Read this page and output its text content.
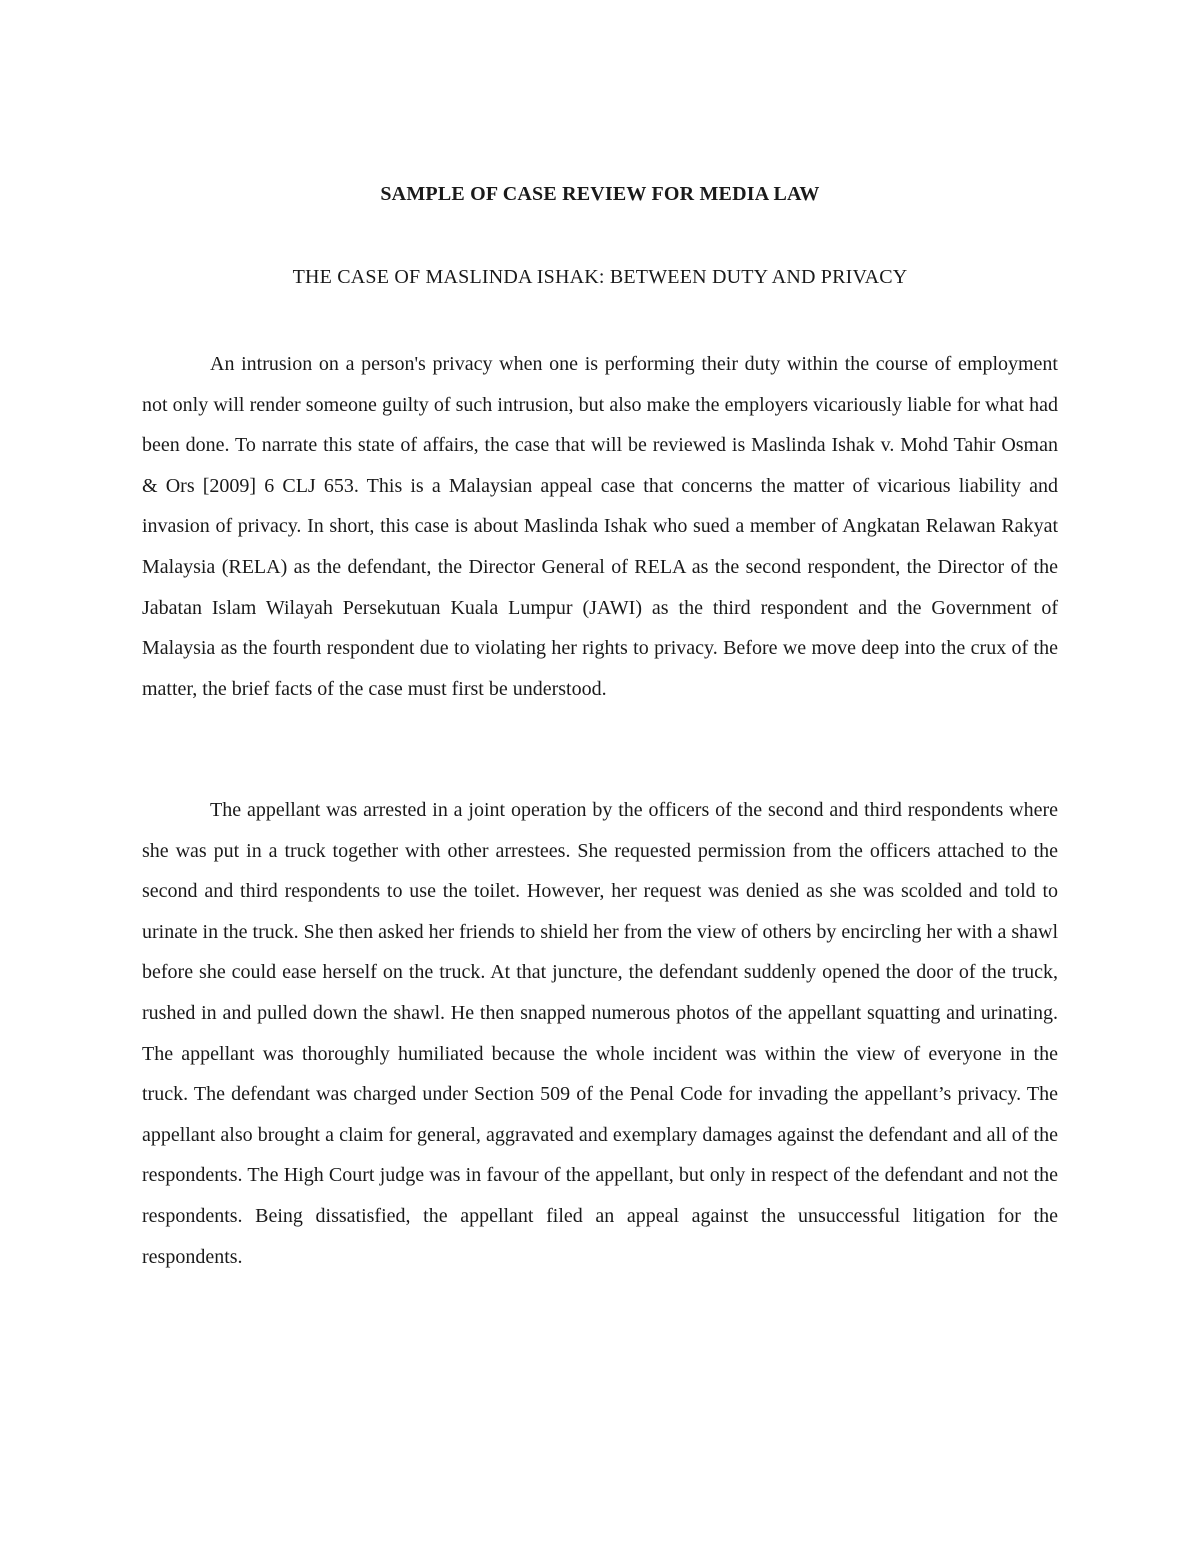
SAMPLE OF CASE REVIEW FOR MEDIA LAW
THE CASE OF MASLINDA ISHAK: BETWEEN DUTY AND PRIVACY

An intrusion on a person's privacy when one is performing their duty within the course of employment not only will render someone guilty of such intrusion, but also make the employers vicariously liable for what had been done. To narrate this state of affairs, the case that will be reviewed is Maslinda Ishak v. Mohd Tahir Osman & Ors [2009] 6 CLJ 653. This is a Malaysian appeal case that concerns the matter of vicarious liability and invasion of privacy. In short, this case is about Maslinda Ishak who sued a member of Angkatan Relawan Rakyat Malaysia (RELA) as the defendant, the Director General of RELA as the second respondent, the Director of the Jabatan Islam Wilayah Persekutuan Kuala Lumpur (JAWI) as the third respondent and the Government of Malaysia as the fourth respondent due to violating her rights to privacy. Before we move deep into the crux of the matter, the brief facts of the case must first be understood.

The appellant was arrested in a joint operation by the officers of the second and third respondents where she was put in a truck together with other arrestees. She requested permission from the officers attached to the second and third respondents to use the toilet. However, her request was denied as she was scolded and told to urinate in the truck. She then asked her friends to shield her from the view of others by encircling her with a shawl before she could ease herself on the truck. At that juncture, the defendant suddenly opened the door of the truck, rushed in and pulled down the shawl. He then snapped numerous photos of the appellant squatting and urinating. The appellant was thoroughly humiliated because the whole incident was within the view of everyone in the truck. The defendant was charged under Section 509 of the Penal Code for invading the appellant’s privacy. The appellant also brought a claim for general, aggravated and exemplary damages against the defendant and all of the respondents. The High Court judge was in favour of the appellant, but only in respect of the defendant and not the respondents. Being dissatisfied, the appellant filed an appeal against the unsuccessful litigation for the respondents.
